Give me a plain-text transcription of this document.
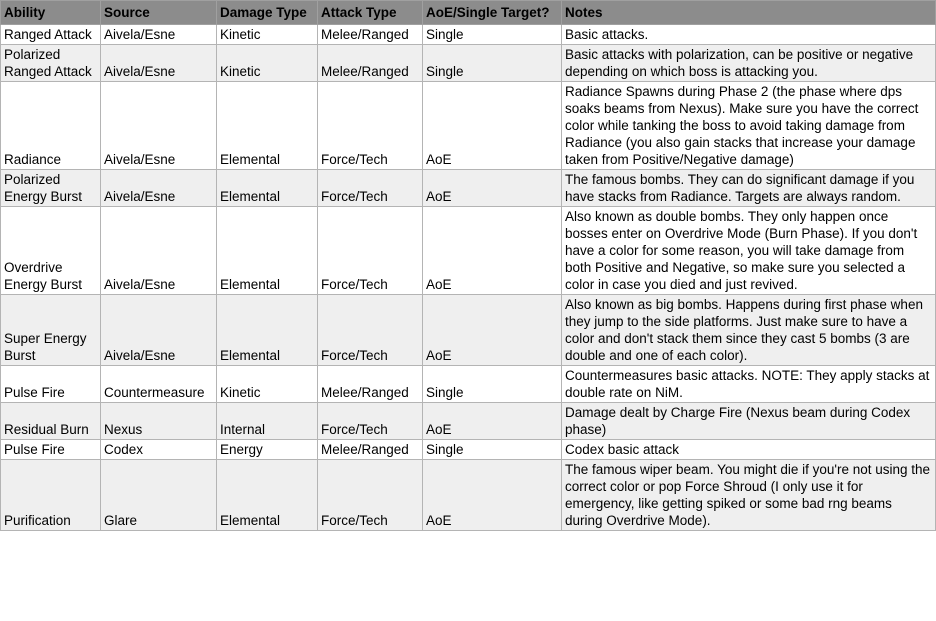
Ability	Source	Damage Type	Attack Type	AoE/Single Target?	Notes
Ranged Attack	Aivela/Esne	Kinetic	Melee/Ranged	Single	Basic attacks.
Polarized Ranged Attack	Aivela/Esne	Kinetic	Melee/Ranged	Single	Basic attacks with polarization, can be positive or negative depending on which boss is attacking you.
Radiance	Aivela/Esne	Elemental	Force/Tech	AoE	Radiance Spawns during Phase 2 (the phase where dps soaks beams from Nexus). Make sure you have the correct color while tanking the boss to avoid taking damage from Radiance (you also gain stacks that increase your damage taken from Positive/Negative damage)
Polarized Energy Burst	Aivela/Esne	Elemental	Force/Tech	AoE	The famous bombs. They can do significant damage if you have stacks from Radiance. Targets are always random.
Overdrive Energy Burst	Aivela/Esne	Elemental	Force/Tech	AoE	Also known as double bombs. They only happen once bosses enter on Overdrive Mode (Burn Phase). If you don't have a color for some reason, you will take damage from both Positive and Negative, so make sure you selected a color in case you died and just revived.
Super Energy Burst	Aivela/Esne	Elemental	Force/Tech	AoE	Also known as big bombs. Happens during first phase when they jump to the side platforms. Just make sure to have a color and don't stack them since they cast 5 bombs (3 are double and one of each color).
Pulse Fire	Countermeasure	Kinetic	Melee/Ranged	Single	Countermeasures basic attacks. NOTE: They apply stacks at double rate on NiM.
Residual Burn	Nexus	Internal	Force/Tech	AoE	Damage dealt by Charge Fire (Nexus beam during Codex phase)
Pulse Fire	Codex	Energy	Melee/Ranged	Single	Codex basic attack
Purification	Glare	Elemental	Force/Tech	AoE	The famous wiper beam. You might die if you're not using the correct color or pop Force Shroud (I only use it for emergency, like getting spiked or some bad rng beams during Overdrive Mode).
